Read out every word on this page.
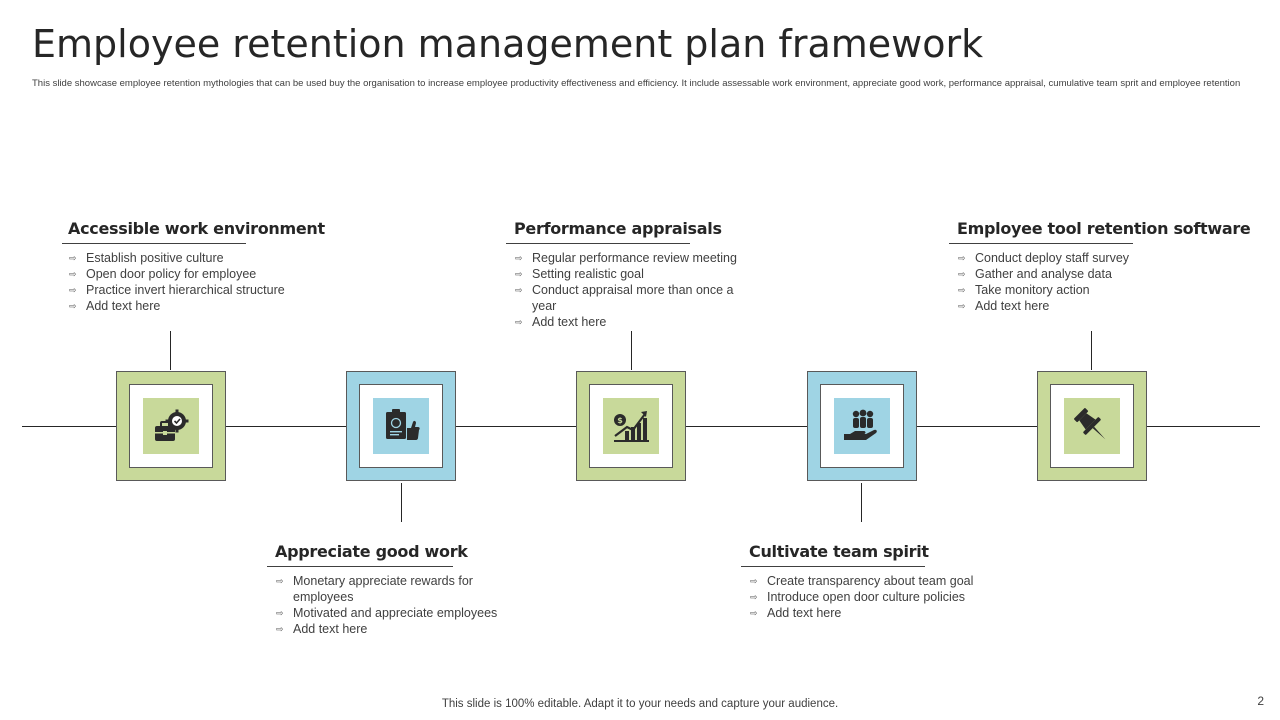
Employee retention management plan framework

This slide showcase employee retention mythologies that can be used buy the organisation to increase employee productivity effectiveness and efficiency. It include assessable work environment, appreciate good work, performance appraisal, cumulative team sprit and employee retention

$
Accessible work environment
⇨ Establish positive culture
⇨ Open door policy for employee
⇨ Practice invert hierarchical structure
⇨ Add text here
Appreciate good work
⇨ Monetary appreciate rewards for employees
⇨ Motivated and appreciate employees
⇨ Add text here
Performance appraisals
⇨ Regular performance review meeting
⇨ Setting realistic goal
⇨ Conduct appraisal more than once a year
⇨ Add text here
Cultivate team spirit
⇨ Create transparency about team goal
⇨ Introduce open door culture policies
⇨ Add text here
Employee tool retention software
⇨ Conduct deploy staff survey
⇨ Gather and analyse data
⇨ Take monitory action
⇨ Add text here
This slide is 100% editable. Adapt it to your needs and capture your audience.	2
